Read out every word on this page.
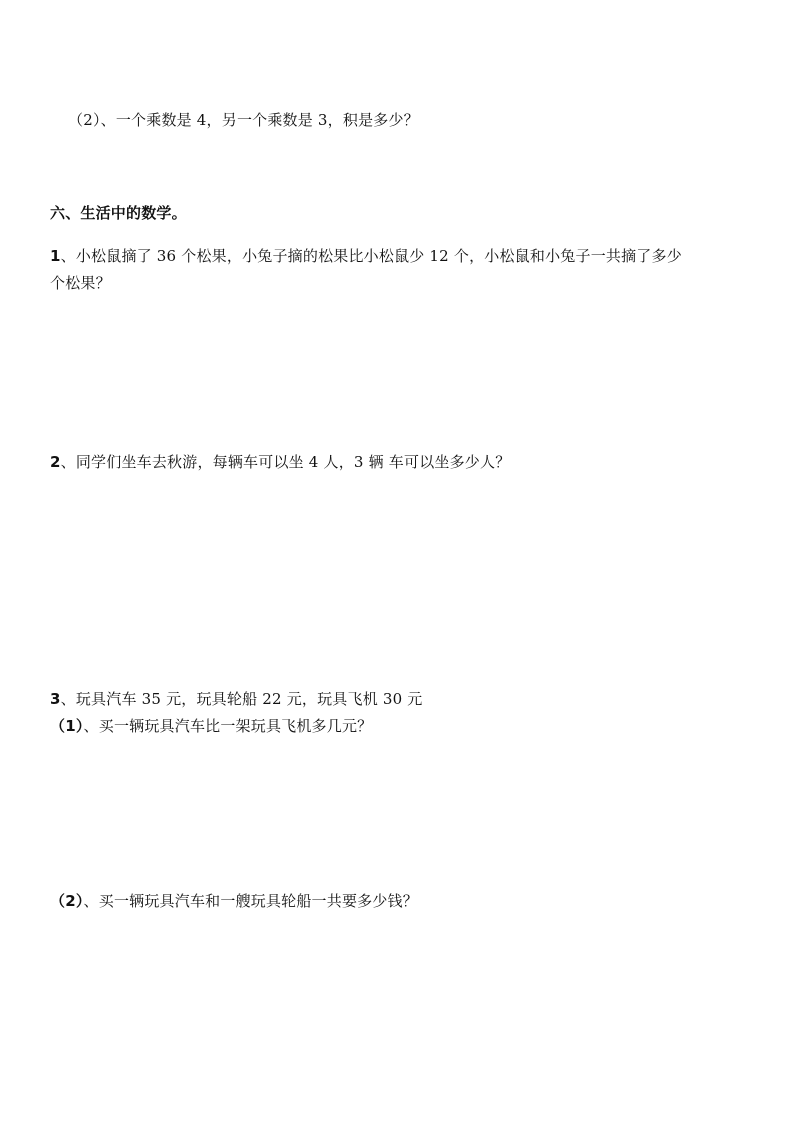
（2）、一个乘数是 4，另一个乘数是 3，积是多少？
六、生活中的数学。
1、小松鼠摘了 36 个松果，小兔子摘的松果比小松鼠少 12 个，小松鼠和小兔子一共摘了多少
个松果？
2、同学们坐车去秋游，每辆车可以坐 4 人，3 辆 车可以坐多少人？
3、玩具汽车 35 元，玩具轮船 22 元，玩具飞机 30 元
（1）、买一辆玩具汽车比一架玩具飞机多几元？
（2）、买一辆玩具汽车和一艘玩具轮船一共要多少钱？
